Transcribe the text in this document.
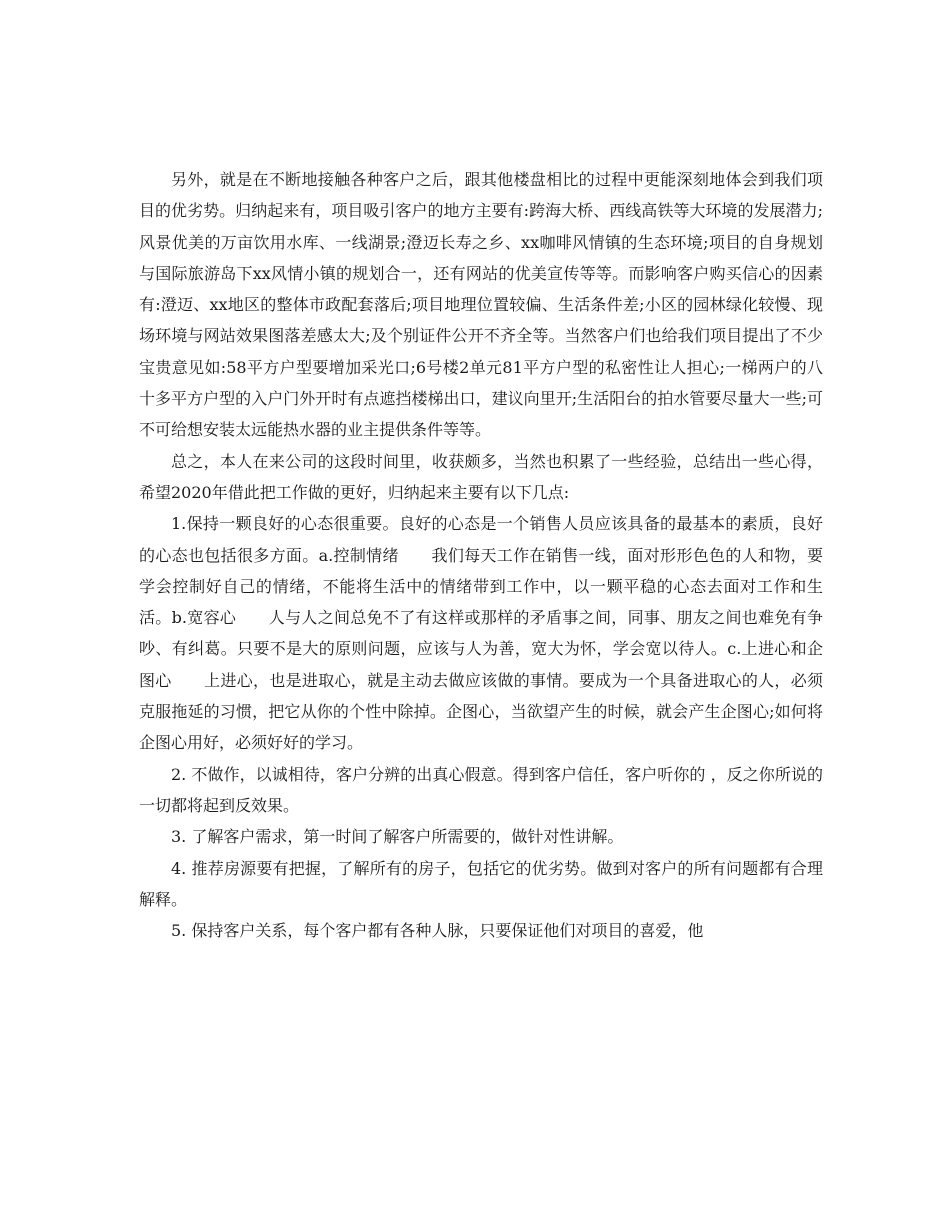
另外，就是在不断地接触各种客户之后，跟其他楼盘相比的过程中更能深刻地体会到我们项目的优劣势。归纳起来有，项目吸引客户的地方主要有:跨海大桥、西线高铁等大环境的发展潜力;风景优美的万亩饮用水库、一线湖景;澄迈长寿之乡、xx咖啡风情镇的生态环境;项目的自身规划与国际旅游岛下xx风情小镇的规划合一，还有网站的优美宣传等等。而影响客户购买信心的因素有:澄迈、xx地区的整体市政配套落后;项目地理位置较偏、生活条件差;小区的园林绿化较慢、现场环境与网站效果图落差感太大;及个别证件公开不齐全等。当然客户们也给我们项目提出了不少宝贵意见如:58平方户型要增加采光口;6号楼2单元81平方户型的私密性让人担心;一梯两户的八十多平方户型的入户门外开时有点遮挡楼梯出口，建议向里开;生活阳台的拍水管要尽量大一些;可不可给想安装太远能热水器的业主提供条件等等。

总之，本人在来公司的这段时间里，收获颇多，当然也积累了一些经验，总结出一些心得，希望2020年借此把工作做的更好，归纳起来主要有以下几点:

1.保持一颗良好的心态很重要。良好的心态是一个销售人员应该具备的最基本的素质，良好的心态也包括很多方面。a.控制情绪　　我们每天工作在销售一线，面对形形色色的人和物，要学会控制好自己的情绪，不能将生活中的情绪带到工作中，以一颗平稳的心态去面对工作和生活。b.宽容心　　人与人之间总免不了有这样或那样的矛盾事之间，同事、朋友之间也难免有争吵、有纠葛。只要不是大的原则问题，应该与人为善，宽大为怀，学会宽以待人。c.上进心和企图心　　上进心，也是进取心，就是主动去做应该做的事情。要成为一个具备进取心的人，必须克服拖延的习惯，把它从你的个性中除掉。企图心，当欲望产生的时候，就会产生企图心;如何将企图心用好，必须好好的学习。

2. 不做作，以诚相待，客户分辨的出真心假意。得到客户信任，客户听你的 ，反之你所说的一切都将起到反效果。

3. 了解客户需求，第一时间了解客户所需要的，做针对性讲解。

4. 推荐房源要有把握，了解所有的房子，包括它的优劣势。做到对客户的所有问题都有合理解释。

5. 保持客户关系，每个客户都有各种人脉，只要保证他们对项目的喜爱，他
